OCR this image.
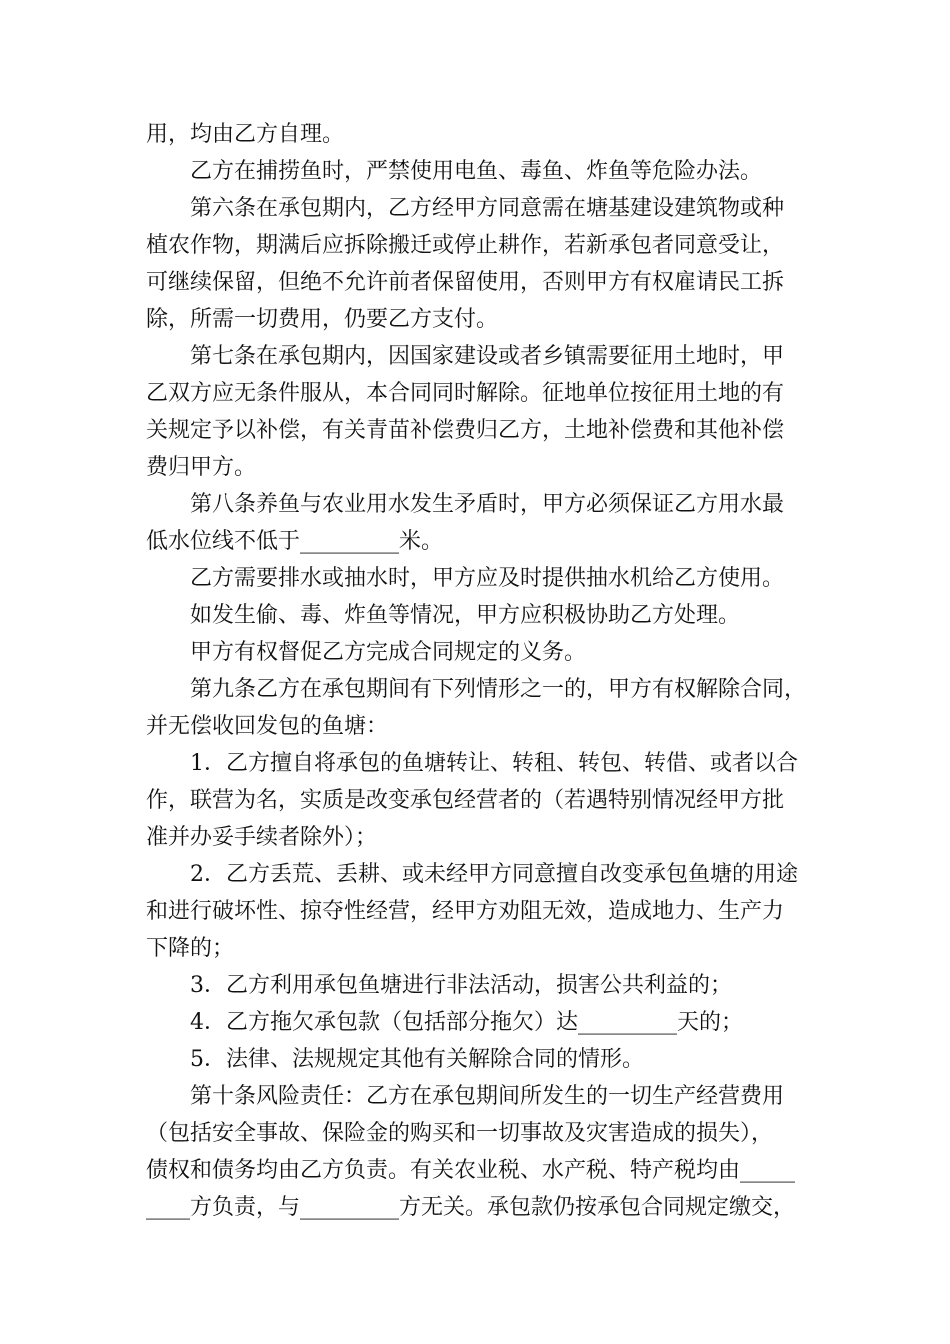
用，均由乙方自理。
乙方在捕捞鱼时，严禁使用电鱼、毒鱼、炸鱼等危险办法。
第六条在承包期内，乙方经甲方同意需在塘基建设建筑物或种
植农作物，期满后应拆除搬迁或停止耕作，若新承包者同意受让，
可继续保留，但绝不允许前者保留使用，否则甲方有权雇请民工拆
除，所需一切费用，仍要乙方支付。
第七条在承包期内，因国家建设或者乡镇需要征用土地时，甲
乙双方应无条件服从，本合同同时解除。征地单位按征用土地的有
关规定予以补偿，有关青苗补偿费归乙方，土地补偿费和其他补偿
费归甲方。
第八条养鱼与农业用水发生矛盾时，甲方必须保证乙方用水最
低水位线不低于_________米。
乙方需要排水或抽水时，甲方应及时提供抽水机给乙方使用。
如发生偷、毒、炸鱼等情况，甲方应积极协助乙方处理。
甲方有权督促乙方完成合同规定的义务。
第九条乙方在承包期间有下列情形之一的，甲方有权解除合同，
并无偿收回发包的鱼塘：
1．乙方擅自将承包的鱼塘转让、转租、转包、转借、或者以合
作，联营为名，实质是改变承包经营者的（若遇特别情况经甲方批
准并办妥手续者除外）；
2．乙方丢荒、丢耕、或未经甲方同意擅自改变承包鱼塘的用途
和进行破坏性、掠夺性经营，经甲方劝阻无效，造成地力、生产力
下降的；
3．乙方利用承包鱼塘进行非法活动，损害公共利益的；
4．乙方拖欠承包款（包括部分拖欠）达_________天的；
5．法律、法规规定其他有关解除合同的情形。
第十条风险责任：乙方在承包期间所发生的一切生产经营费用
（包括安全事故、保险金的购买和一切事故及灾害造成的损失），
债权和债务均由乙方负责。有关农业税、水产税、特产税均由_____
____方负责，与_________方无关。承包款仍按承包合同规定缴交，
